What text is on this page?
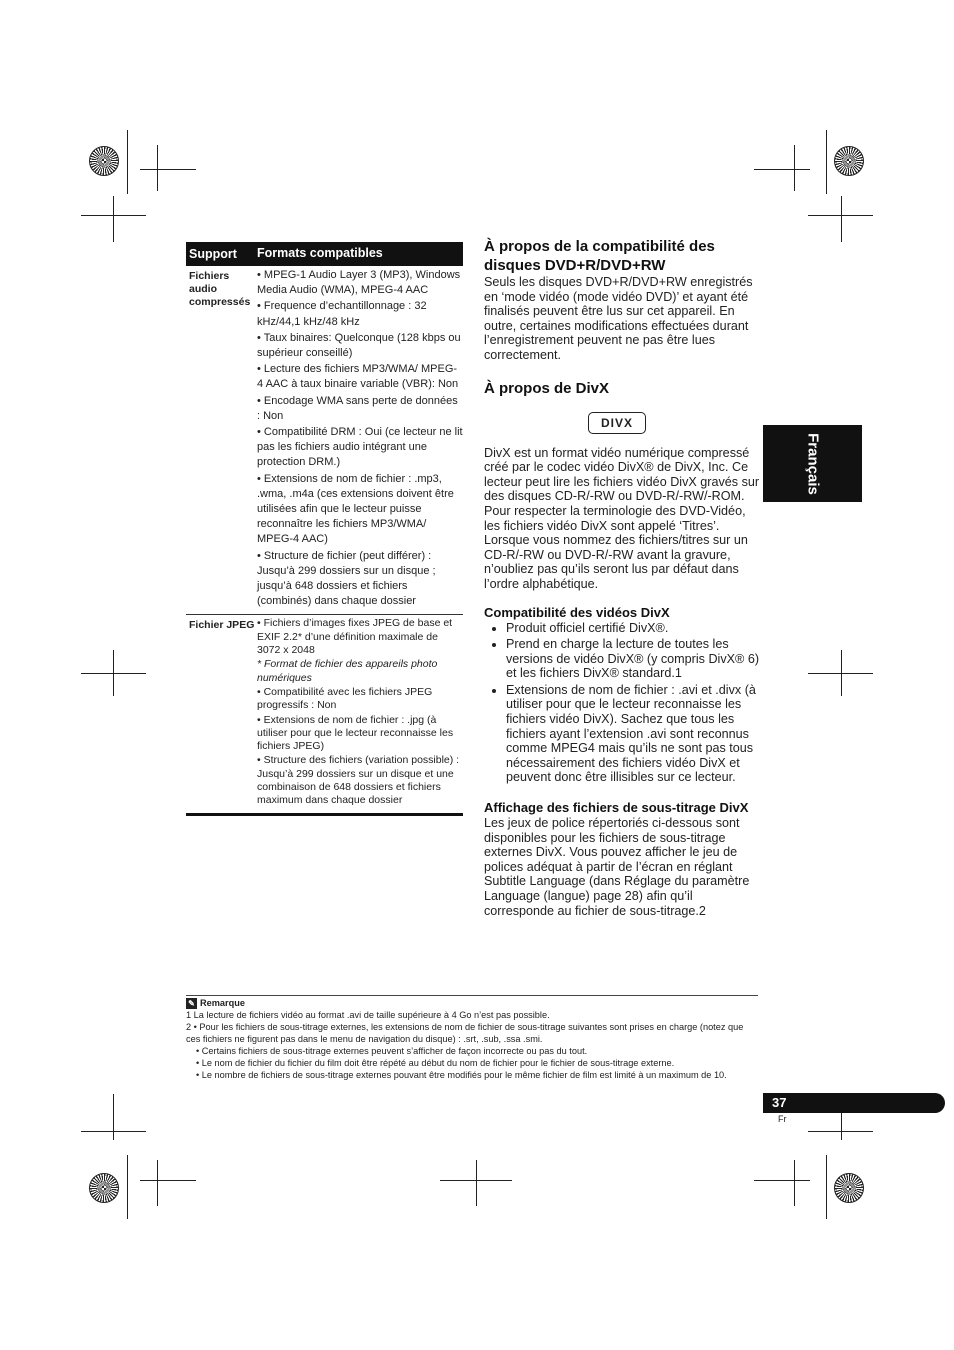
Support	Formats compatibles
Fichiers audio compressés

• MPEG-1 Audio Layer 3 (MP3), Windows Media Audio (WMA), MPEG-4 AAC

• Frequence d’echantillonnage : 32 kHz/44,1 kHz/48 kHz

• Taux binaires: Quelconque (128 kbps ou supérieur conseillé)

• Lecture des fichiers MP3/WMA/ MPEG-4 AAC à taux binaire variable (VBR): Non

• Encodage WMA sans perte de données : Non

• Compatibilité DRM : Oui (ce lecteur ne lit pas les fichiers audio intégrant une protection DRM.)

• Extensions de nom de fichier : .mp3, .wma, .m4a (ces extensions doivent être utilisées afin que le lecteur puisse reconnaître les fichiers MP3/WMA/ MPEG-4 AAC)

• Structure de fichier (peut différer) : Jusqu’à 299 dossiers sur un disque ; jusqu’à 648 dossiers et fichiers (combinés) dans chaque dossier

Fichier JPEG • Fichiers d’images fixes JPEG de base et EXIF 2.2* d’une définition maximale de 3072 x 2048

* Format de fichier des appareils photo numériques

• Compatibilité avec les fichiers JPEG progressifs : Non

• Extensions de nom de fichier : .jpg (à utiliser pour que le lecteur reconnaisse les fichiers JPEG)

• Structure des fichiers (variation possible) : Jusqu’à 299 dossiers sur un disque et une combinaison de 648 dossiers et fichiers maximum dans chaque dossier

À propos de la compatibilité des disques DVD+R/DVD+RW

Seuls les disques DVD+R/DVD+RW enregistrés en ‘mode vidéo (mode vidéo DVD)’ et ayant été finalisés peuvent être lus sur cet appareil. En outre, certaines modifications effectuées durant l’enregistrement peuvent ne pas être lues correctement.

À propos de DivX
DIVX

DivX est un format vidéo numérique compressé créé par le codec vidéo DivX® de DivX, Inc. Ce lecteur peut lire les fichiers vidéo DivX gravés sur des disques CD-R/-RW ou DVD-R/-RW/-ROM. Pour respecter la terminologie des DVD-Vidéo, les fichiers vidéo DivX sont appelé ‘Titres’. Lorsque vous nommez des fichiers/titres sur un CD-R/-RW ou DVD-R/-RW avant la gravure, n’oubliez pas qu’ils seront lus par défaut dans l’ordre alphabétique.

Compatibilité des vidéos DivX
• Produit officiel certifié DivX®.
• Prend en charge la lecture de toutes les versions de vidéo DivX® (y compris DivX® 6) et les fichiers DivX® standard.1
• Extensions de nom de fichier : .avi et .divx (à utiliser pour que le lecteur reconnaisse les fichiers vidéo DivX). Sachez que tous les fichiers ayant l’extension .avi sont reconnus comme MPEG4 mais qu’ils ne sont pas tous nécessairement des fichiers vidéo DivX et peuvent donc être illisibles sur ce lecteur.
Affichage des fichiers de sous-titrage DivX

Les jeux de police répertoriés ci-dessous sont disponibles pour les fichiers de sous-titrage externes DivX. Vous pouvez afficher le jeu de polices adéquat à partir de l’écran en réglant Subtitle Language (dans Réglage du paramètre Language (langue) page 28) afin qu’il corresponde au fichier de sous-titrage.2

Français

✎ Remarque

1 La lecture de fichiers vidéo au format .avi de taille supérieure à 4 Go n’est pas possible.

2 • Pour les fichiers de sous-titrage externes, les extensions de nom de fichier de sous-titrage suivantes sont prises en charge (notez que ces fichiers ne figurent pas dans le menu de navigation du disque) : .srt, .sub, .ssa .smi.

• Certains fichiers de sous-titrage externes peuvent s’afficher de façon incorrecte ou pas du tout.

• Le nom de fichier du fichier du film doit être répété au début du nom de fichier pour le fichier de sous-titrage externe.

• Le nombre de fichiers de sous-titrage externes pouvant être modifiés pour le même fichier de film est limité à un maximum de 10.

37
Fr
